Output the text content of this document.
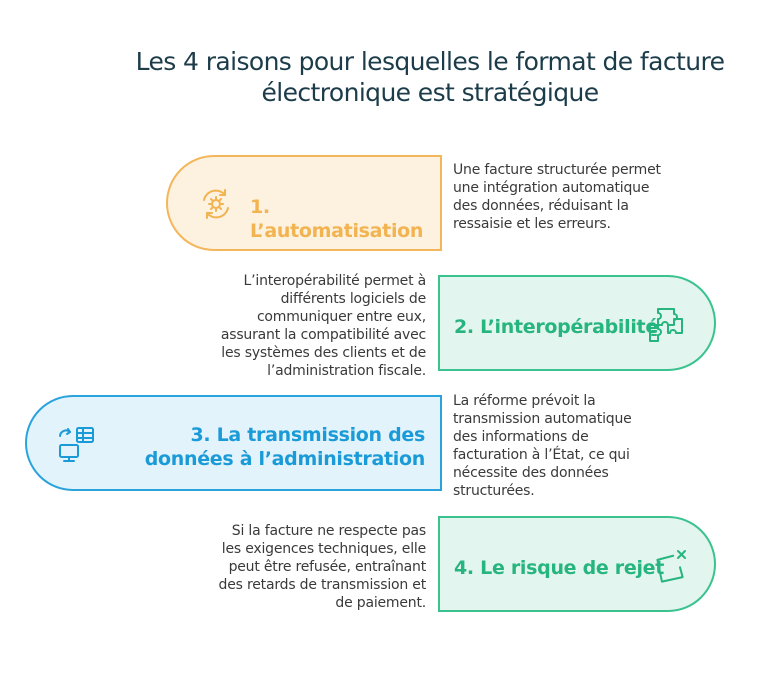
Les 4 raisons pour lesquelles le format de facture électronique est stratégique
1. L’automatisation
Une facture structurée permet une intégration automatique des données, réduisant la ressaisie et les erreurs.
2. L’interopérabilité
L’interopérabilité permet à différents logiciels de communiquer entre eux, assurant la compatibilité avec les systèmes des clients et de l’administration fiscale.
3. La transmission des données à l’administration
La réforme prévoit la transmission automatique des informations de facturation à l’État, ce qui nécessite des données structurées.
4. Le risque de rejet
Si la facture ne respecte pas les exigences techniques, elle peut être refusée, entraînant des retards de transmission et de paiement.
